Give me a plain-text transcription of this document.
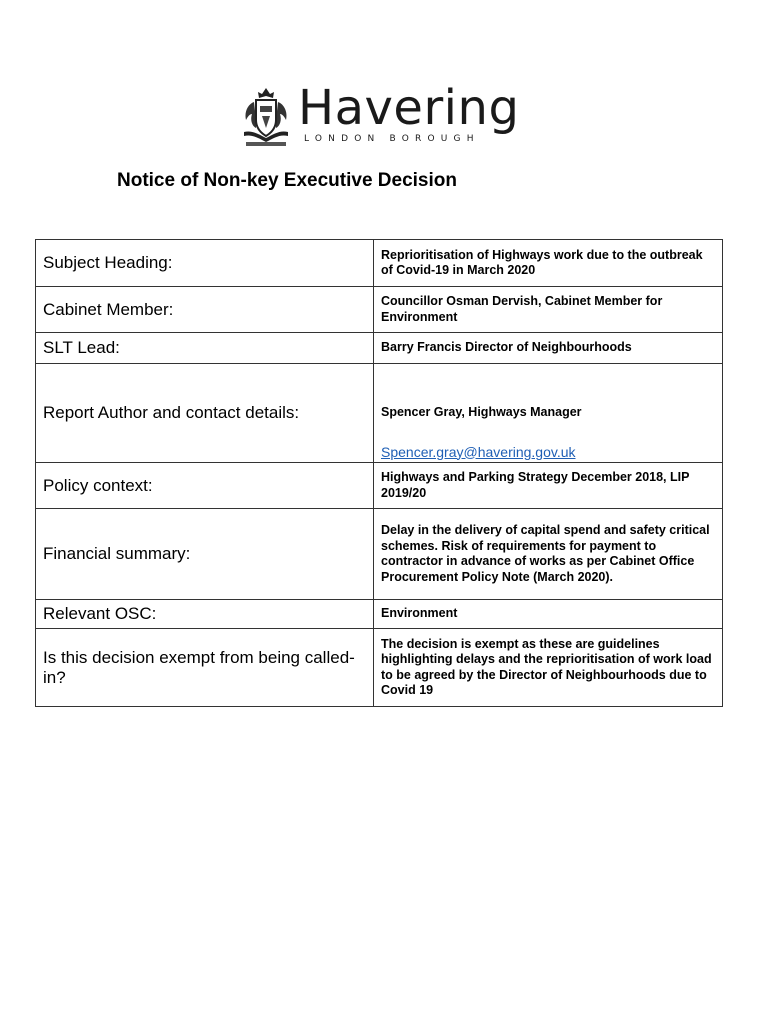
Havering
LONDON BOROUGH
Notice of Non-key Executive Decision
Subject Heading:	Reprioritisation of Highways work due to the outbreak of Covid-19 in March 2020
Cabinet Member:	Councillor Osman Dervish, Cabinet Member for Environment
SLT Lead:	Barry Francis Director of Neighbourhoods
Report Author and contact details:	Spencer Gray, Highways Manager
Spencer.gray@havering.gov.uk
Policy context:	Highways and Parking Strategy December 2018, LIP 2019/20
Financial summary:	Delay in the delivery of capital spend and safety critical schemes. Risk of requirements for payment to contractor in advance of works as per Cabinet Office Procurement Policy Note (March 2020).
Relevant OSC:	Environment
Is this decision exempt from being called-in?	The decision is exempt as these are guidelines highlighting delays and the reprioritisation of work load to be agreed by the Director of Neighbourhoods due to Covid 19
